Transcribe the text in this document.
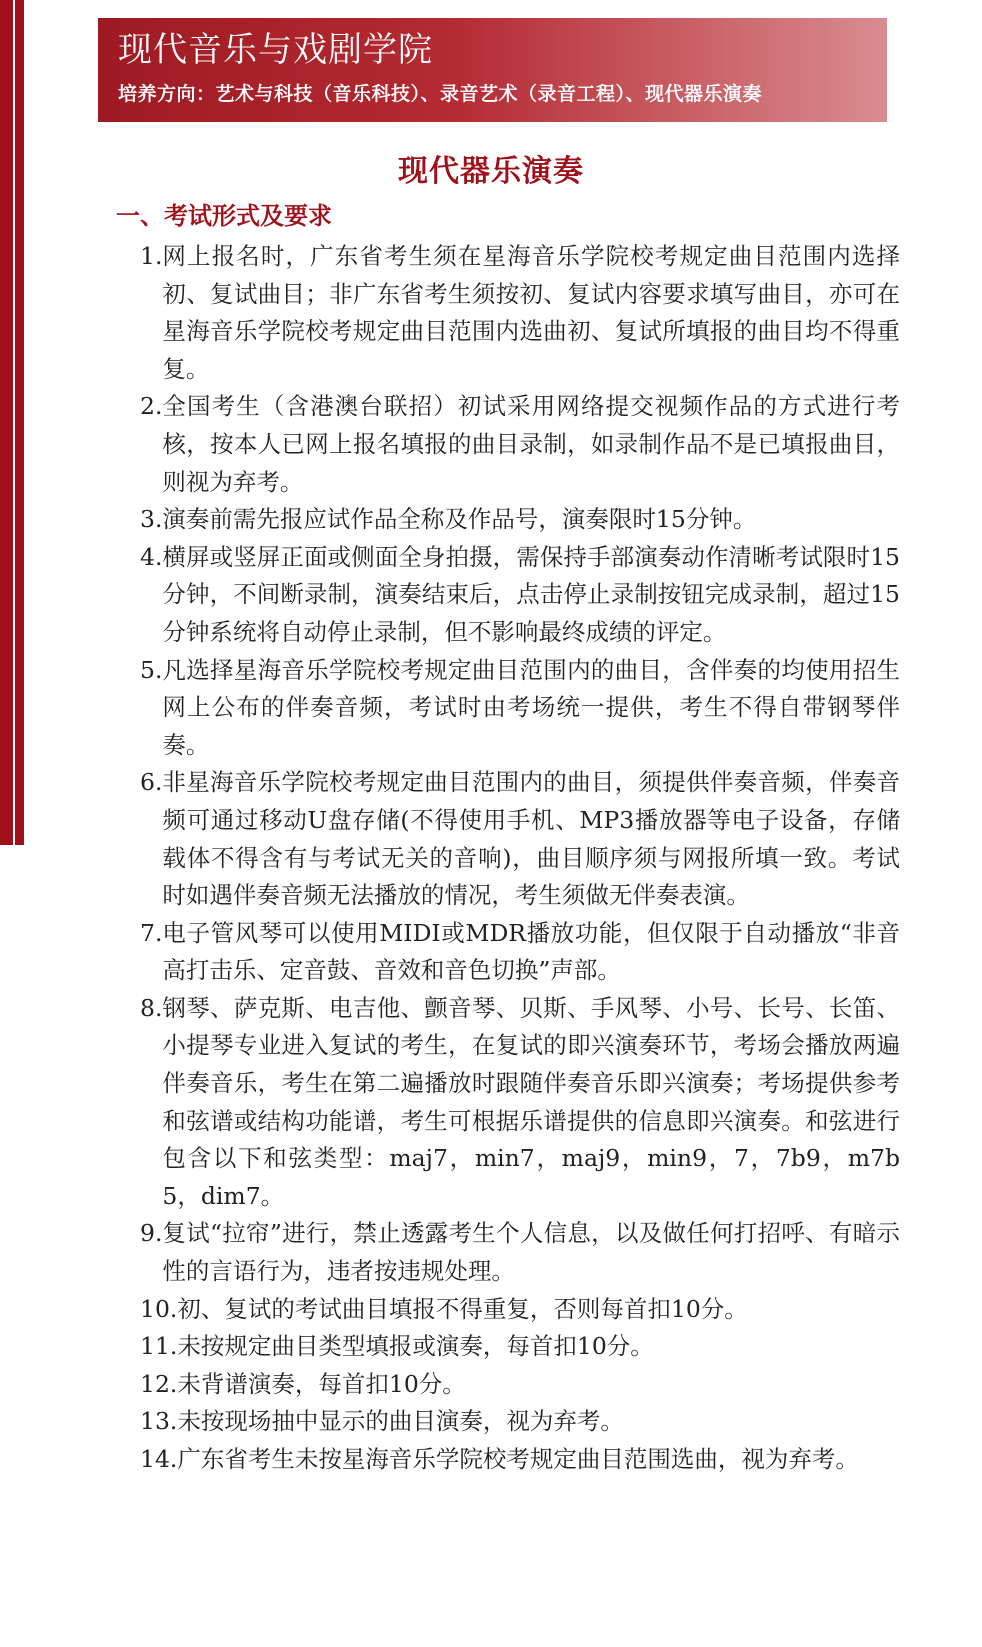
现代音乐与戏剧学院
培养方向：艺术与科技（音乐科技）、录音艺术（录音工程）、现代器乐演奏
现代器乐演奏
一、考试形式及要求
1. 网上报名时，广东省考生须在星海音乐学院校考规定曲目范围内选择初、复试曲目；非广东省考生须按初、复试内容要求填写曲目，亦可在星海音乐学院校考规定曲目范围内选曲初、复试所填报的曲目均不得重复。
2. 全国考生（含港澳台联招）初试采用网络提交视频作品的方式进行考核，按本人已网上报名填报的曲目录制，如录制作品不是已填报曲目，则视为弃考。
3. 演奏前需先报应试作品全称及作品号，演奏限时15分钟。
4. 横屏或竖屏正面或侧面全身拍摄，需保持手部演奏动作清晰考试限时15分钟，不间断录制，演奏结束后，点击停止录制按钮完成录制，超过15分钟系统将自动停止录制，但不影响最终成绩的评定。
5. 凡选择星海音乐学院校考规定曲目范围内的曲目，含伴奏的均使用招生网上公布的伴奏音频，考试时由考场统一提供，考生不得自带钢琴伴奏。
6. 非星海音乐学院校考规定曲目范围内的曲目，须提供伴奏音频，伴奏音频可通过移动U盘存储(不得使用手机、MP3播放器等电子设备，存储载体不得含有与考试无关的音响)，曲目顺序须与网报所填一致。考试时如遇伴奏音频无法播放的情况，考生须做无伴奏表演。
7. 电子管风琴可以使用MIDI或MDR播放功能，但仅限于自动播放“非音高打击乐、定音鼓、音效和音色切换”声部。
8. 钢琴、萨克斯、电吉他、颤音琴、贝斯、手风琴、小号、长号、长笛、小提琴专业进入复试的考生，在复试的即兴演奏环节，考场会播放两遍伴奏音乐，考生在第二遍播放时跟随伴奏音乐即兴演奏；考场提供参考和弦谱或结构功能谱，考生可根据乐谱提供的信息即兴演奏。和弦进行包含以下和弦类型：maj7，min7，maj9，min9，7，7b9，m7b5，dim7。
9. 复试“拉帘”进行，禁止透露考生个人信息，以及做任何打招呼、有暗示性的言语行为，违者按违规处理。
10. 初、复试的考试曲目填报不得重复，否则每首扣10分。
11. 未按规定曲目类型填报或演奏，每首扣10分。
12. 未背谱演奏，每首扣10分。
13. 未按现场抽中显示的曲目演奏，视为弃考。
14. 广东省考生未按星海音乐学院校考规定曲目范围选曲，视为弃考。
